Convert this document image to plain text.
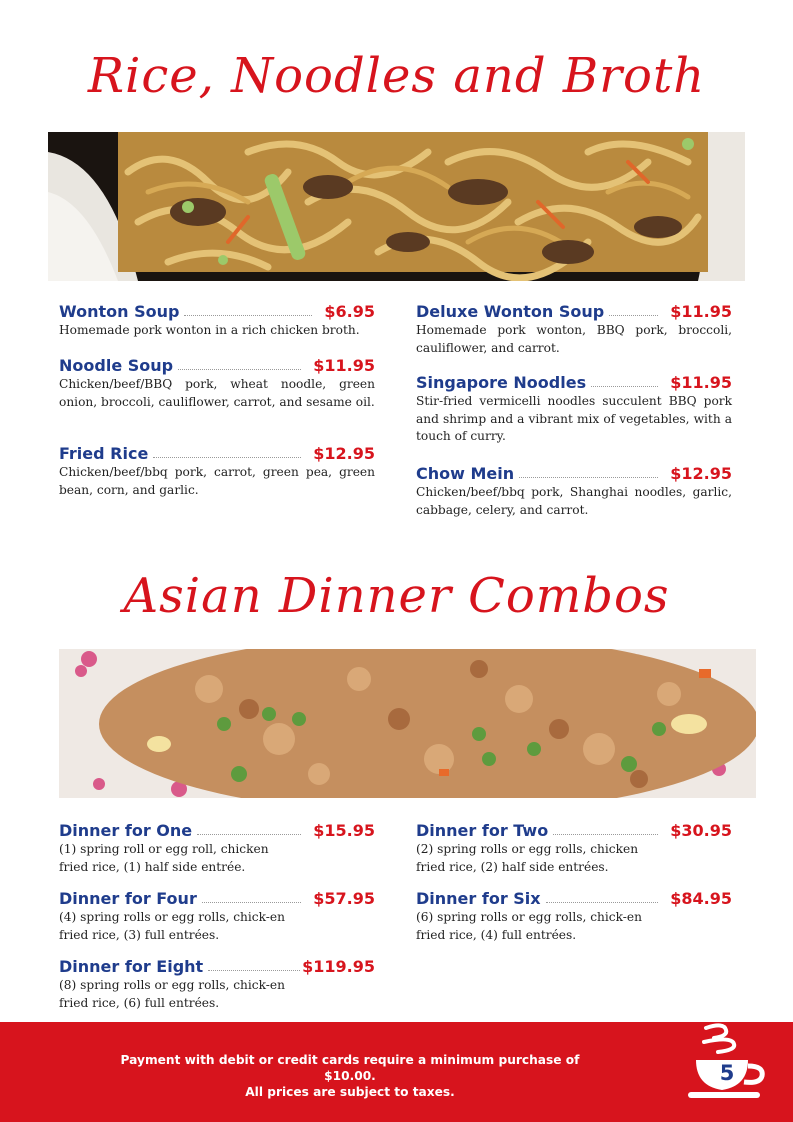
Rice, Noodles and Broth
Wonton Soup	$6.95
Homemade pork wonton in a rich chicken broth.
Noodle Soup	$11.95
Chicken/beef/BBQ pork, wheat noodle, green onion, broccoli, cauliflower, carrot, and sesame oil.
Fried Rice	$12.95
Chicken/beef/bbq pork, carrot, green pea, green bean, corn, and garlic.
Deluxe Wonton Soup	$11.95
Homemade pork wonton, BBQ pork, broccoli, cauliflower, and carrot.
Singapore Noodles	$11.95
Stir-fried vermicelli noodles succulent BBQ pork and shrimp and a vibrant mix of vegetables, with a touch of curry.
Chow Mein	$12.95
Chicken/beef/bbq pork, Shanghai noodles, garlic, cabbage, celery, and carrot.
Asian Dinner Combos
Dinner for One	$15.95
(1) spring roll or egg roll, chicken fried rice, (1) half side entrée.
Dinner for Four	$57.95
(4) spring rolls or egg rolls, chick-en fried rice, (3) full entrées.
Dinner for Eight	$119.95
(8) spring rolls or egg rolls, chick-en fried rice, (6) full entrées.
Dinner for Two	$30.95
(2) spring rolls or egg rolls, chicken fried rice, (2) half side entrées.
Dinner for Six	$84.95
(6) spring rolls or egg rolls, chick-en fried rice, (4) full entrées.
Payment with debit or credit cards require a minimum purchase of $10.00.
All prices are subject to taxes.
5
